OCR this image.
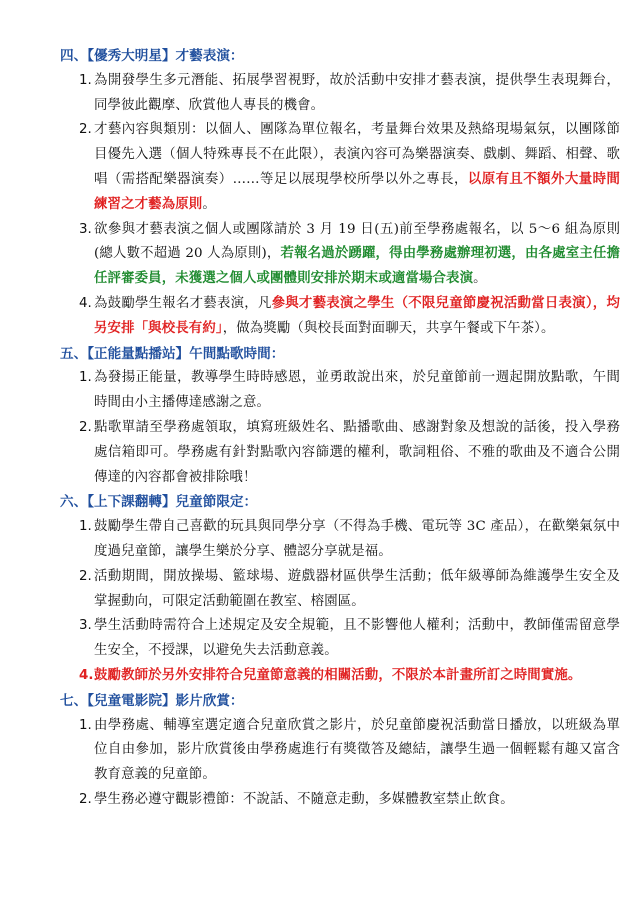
四、【優秀大明星】才藝表演：
1. 為開發學生多元潛能、拓展學習視野，故於活動中安排才藝表演，提供學生表現舞台，同學彼此觀摩、欣賞他人專長的機會。
2. 才藝內容與類別：以個人、團隊為單位報名，考量舞台效果及熱絡現場氣氛，以團隊節目優先入選（個人特殊專長不在此限），表演內容可為樂器演奏、戲劇、舞蹈、相聲、歌唱（需搭配樂器演奏）……等足以展現學校所學以外之專長，以原有且不額外大量時間練習之才藝為原則。
3. 欲參與才藝表演之個人或團隊請於 3 月 19 日(五)前至學務處報名，以 5～6 組為原則(總人數不超過 20 人為原則)，若報名過於踴躍，得由學務處辦理初選，由各處室主任擔任評審委員，未獲選之個人或團體則安排於期末或適當場合表演。
4. 為鼓勵學生報名才藝表演，凡參與才藝表演之學生（不限兒童節慶祝活動當日表演），均另安排「與校長有約」，做為獎勵（與校長面對面聊天，共享午餐或下午茶）。
五、【正能量點播站】午間點歌時間：
1. 為發揚正能量，教導學生時時感恩，並勇敢說出來，於兒童節前一週起開放點歌，午間時間由小主播傳達感謝之意。
2. 點歌單請至學務處領取，填寫班級姓名、點播歌曲、感謝對象及想說的話後，投入學務處信箱即可。學務處有針對點歌內容篩選的權利，歌詞粗俗、不雅的歌曲及不適合公開傳達的內容都會被排除哦！
六、【上下課翻轉】兒童節限定：
1. 鼓勵學生帶自己喜歡的玩具與同學分享（不得為手機、電玩等 3C 產品），在歡樂氣氛中度過兒童節，讓學生樂於分享、體認分享就是福。
2. 活動期間，開放操場、籃球場、遊戲器材區供學生活動；低年級導師為維護學生安全及掌握動向，可限定活動範圍在教室、榕園區。
3. 學生活動時需符合上述規定及安全規範，且不影響他人權利；活動中，教師僅需留意學生安全，不授課，以避免失去活動意義。
4. 鼓勵教師於另外安排符合兒童節意義的相關活動，不限於本計畫所訂之時間實施。
七、【兒童電影院】影片欣賞：
1. 由學務處、輔導室選定適合兒童欣賞之影片，於兒童節慶祝活動當日播放，以班級為單位自由參加，影片欣賞後由學務處進行有獎徵答及總結，讓學生過一個輕鬆有趣又富含教育意義的兒童節。
2. 學生務必遵守觀影禮節：不說話、不隨意走動，多媒體教室禁止飲食。
